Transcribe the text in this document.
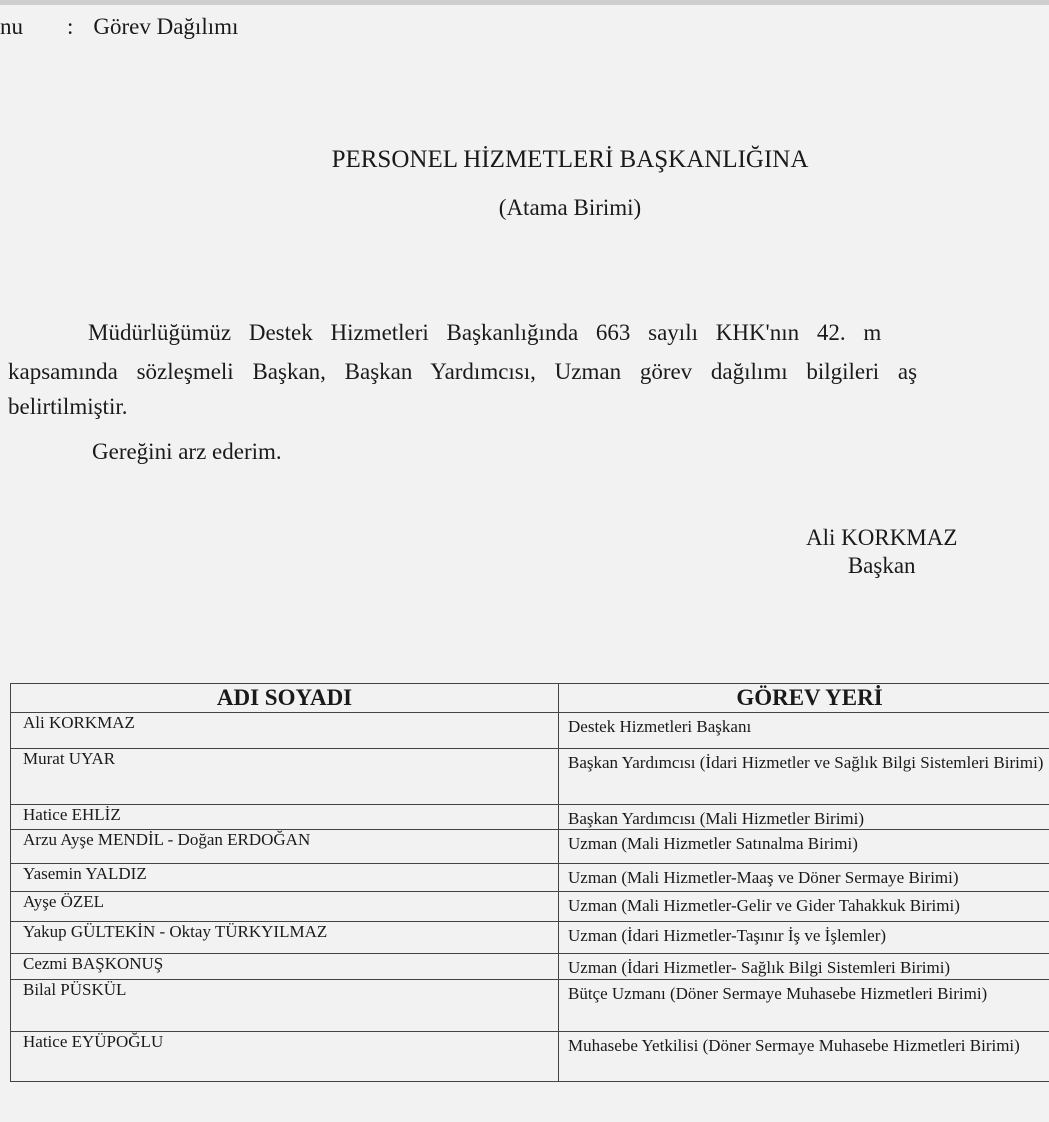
nu : Görev Dağılımı
PERSONEL HİZMETLERİ BAŞKANLIĞINA
(Atama Birimi)
Müdürlüğümüz Destek Hizmetleri Başkanlığında 663 sayılı KHK'nın 42. m
kapsamında sözleşmeli Başkan, Başkan Yardımcısı, Uzman görev dağılımı bilgileri aş
belirtilmiştir.
Gereğini arz ederim.
Ali KORKMAZ
Başkan
ADI SOYADI	GÖREV YERİ
Ali KORKMAZ	Destek Hizmetleri Başkanı
Murat UYAR	Başkan Yardımcısı (İdari Hizmetler ve Sağlık Bilgi Sistemleri Birimi)
Hatice EHLİZ	Başkan Yardımcısı (Mali Hizmetler Birimi)
Arzu Ayşe MENDİL - Doğan ERDOĞAN	Uzman (Mali Hizmetler Satınalma Birimi)
Yasemin YALDIZ	Uzman (Mali Hizmetler-Maaş ve Döner Sermaye Birimi)
Ayşe ÖZEL	Uzman (Mali Hizmetler-Gelir ve Gider Tahakkuk Birimi)
Yakup GÜLTEKİN - Oktay TÜRKYILMAZ	Uzman (İdari Hizmetler-Taşınır İş ve İşlemler)
Cezmi BAŞKONUŞ	Uzman (İdari Hizmetler- Sağlık Bilgi Sistemleri Birimi)
Bilal PÜSKÜL	Bütçe Uzmanı (Döner Sermaye Muhasebe Hizmetleri Birimi)
Hatice EYÜPOĞLU	Muhasebe Yetkilisi (Döner Sermaye Muhasebe Hizmetleri Birimi)
